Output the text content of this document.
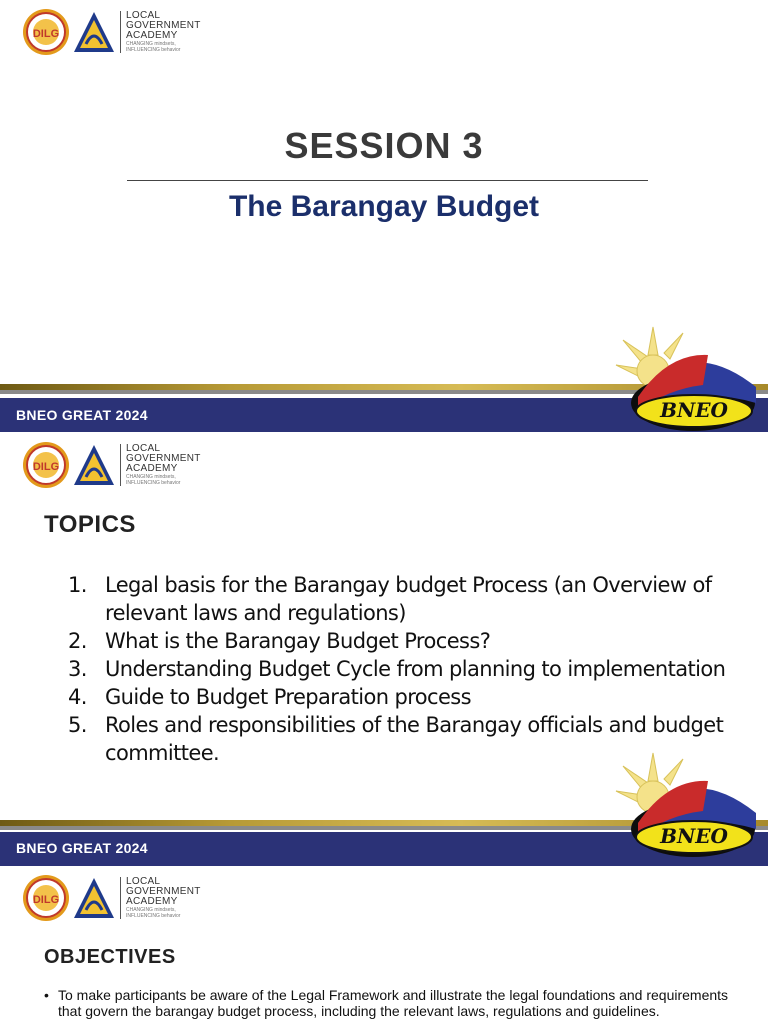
DILG
LOCAL
GOVERNMENT
ACADEMY
CHANGING mindsets,
INFLUENCING behavior
SESSION 3
The Barangay Budget
BNEO GREAT 2024	BNEO
DILG
LOCAL
GOVERNMENT
ACADEMY
CHANGING mindsets,
INFLUENCING behavior
TOPICS
1. Legal basis for the Barangay budget Process (an Overview of relevant laws and regulations)
2. What is the Barangay Budget Process?
3. Understanding Budget Cycle from planning to implementation
4. Guide to Budget Preparation process
5. Roles and responsibilities of the Barangay officials and budget committee.
BNEO GREAT 2024	BNEO
DILG
LOCAL
GOVERNMENT
ACADEMY
CHANGING mindsets,
INFLUENCING behavior
OBJECTIVES
• To make participants be aware of the Legal Framework and illustrate the legal foundations and requirements that govern the barangay budget process, including the relevant laws, regulations and guidelines.
